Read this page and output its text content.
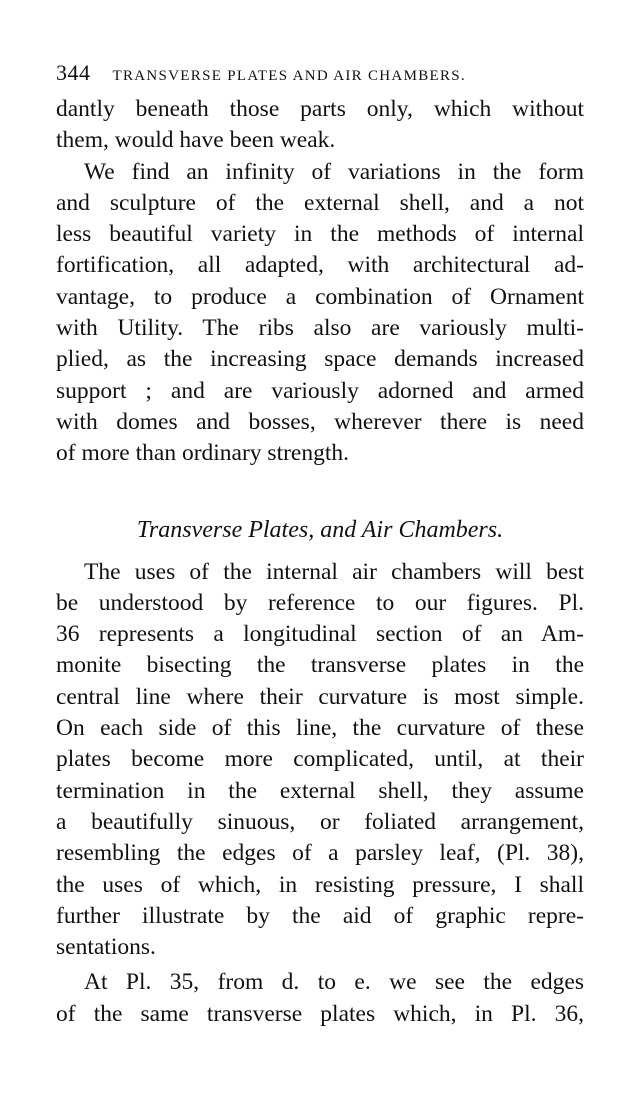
344 TRANSVERSE PLATES AND AIR CHAMBERS.
dantly beneath those parts only, which without
them, would have been weak.
We find an infinity of variations in the form
and sculpture of the external shell, and a not
less beautiful variety in the methods of internal
fortification, all adapted, with architectural ad-
vantage, to produce a combination of Ornament
with Utility. The ribs also are variously multi-
plied, as the increasing space demands increased
support ; and are variously adorned and armed
with domes and bosses, wherever there is need
of more than ordinary strength.
Transverse Plates, and Air Chambers.
The uses of the internal air chambers will best
be understood by reference to our figures. Pl.
36 represents a longitudinal section of an Am-
monite bisecting the transverse plates in the
central line where their curvature is most simple.
On each side of this line, the curvature of these
plates become more complicated, until, at their
termination in the external shell, they assume
a beautifully sinuous, or foliated arrangement,
resembling the edges of a parsley leaf, (Pl. 38),
the uses of which, in resisting pressure, I shall
further illustrate by the aid of graphic repre-
sentations.
At Pl. 35, from d. to e. we see the edges
of the same transverse plates which, in Pl. 36,
